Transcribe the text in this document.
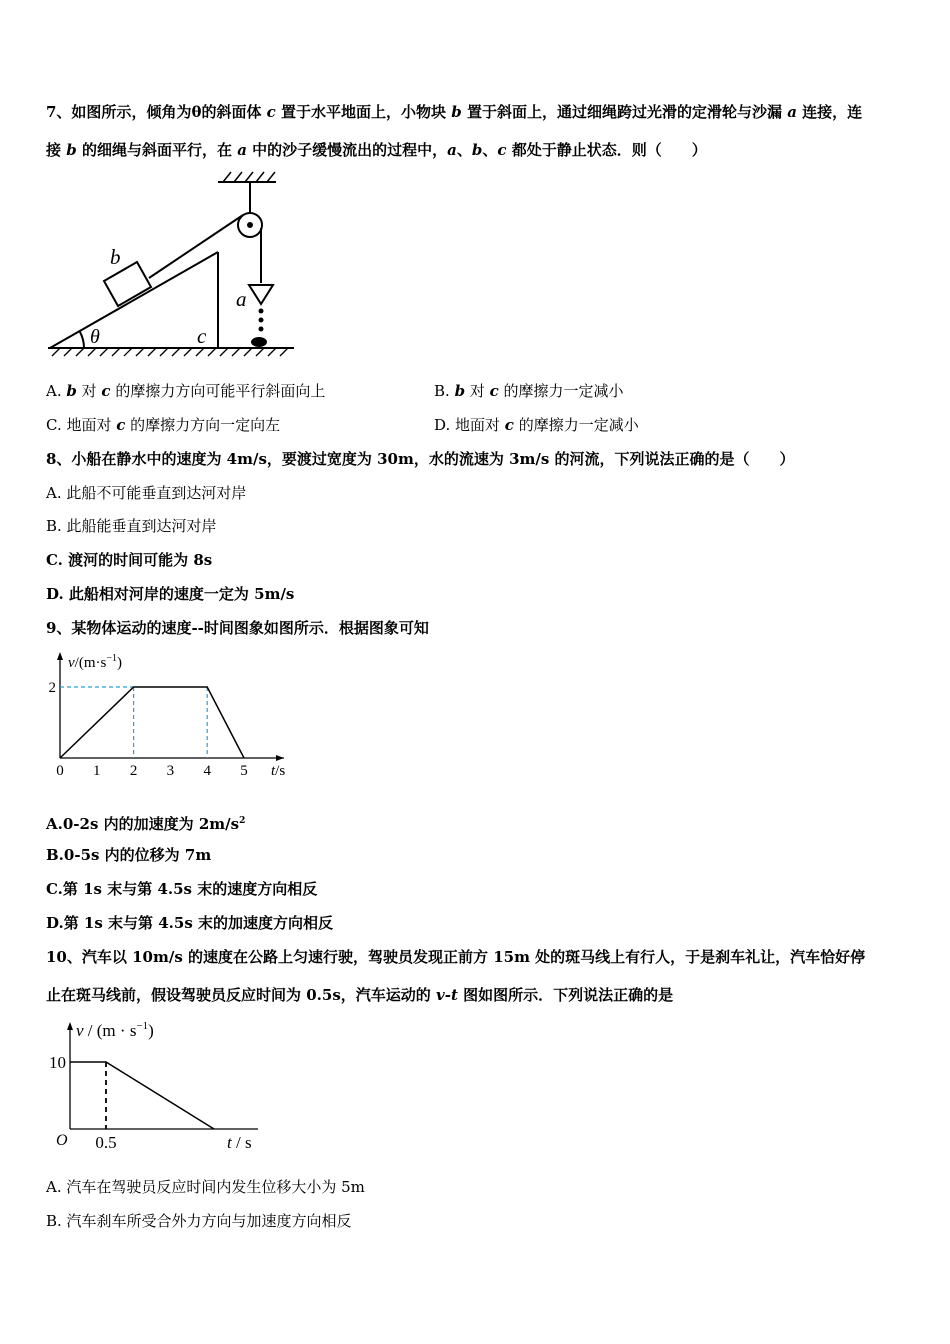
7、如图所示，倾角为θ的斜面体 c 置于水平地面上，小物块 b 置于斜面上，通过细绳跨过光滑的定滑轮与沙漏 a 连接，连
接 b 的细绳与斜面平行，在 a 中的沙子缓慢流出的过程中，a、b、c 都处于静止状态．则（　　）
b
a
c
θ
A. b 对 c 的摩擦力方向可能平行斜面向上	B. b 对 c 的摩擦力一定减小
C. 地面对 c 的摩擦力方向一定向左	D. 地面对 c 的摩擦力一定减小
8、小船在静水中的速度为 4m/s，要渡过宽度为 30m，水的流速为 3m/s 的河流，下列说法正确的是（　　）
A. 此船不可能垂直到达河对岸
B. 此船能垂直到达河对岸
C. 渡河的时间可能为 8s
D. 此船相对河岸的速度一定为 5m/s
9、某物体运动的速度--时间图象如图所示．根据图象可知
0 1 2 3 4 5
2
$v/(m\cdot s^{-1})$
t/s
A.0-2s 内的加速度为 $2m/s^2$
B.0-5s 内的位移为 7m
C.第 1s 末与第 4.5s 末的速度方向相反
D.第 1s 末与第 4.5s 末的加速度方向相反
10、汽车以 10m/s 的速度在公路上匀速行驶，驾驶员发现正前方 15m 处的斑马线上有行人，于是刹车礼让，汽车恰好停
止在斑马线前，假设驾驶员反应时间为 0.5s，汽车运动的 v-t 图如图所示．下列说法正确的是
0.5
10
O
$v / (m \cdot s^{-1})$
t / s
A. 汽车在驾驶员反应时间内发生位移大小为 5m
B. 汽车刹车所受合外力方向与加速度方向相反
